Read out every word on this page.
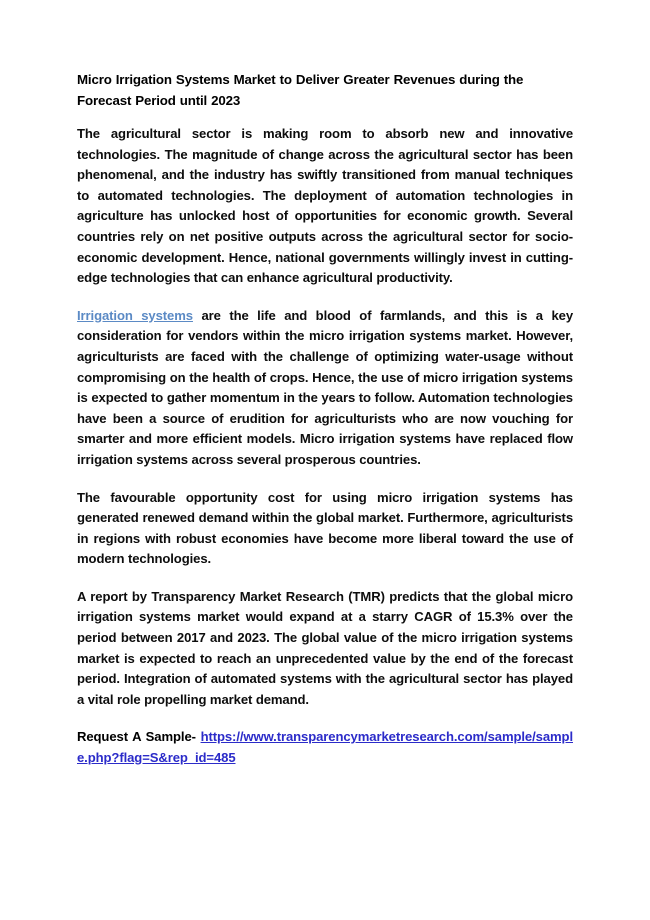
Micro Irrigation Systems Market to Deliver Greater Revenues during the Forecast Period until 2023

The agricultural sector is making room to absorb new and innovative technologies. The magnitude of change across the agricultural sector has been phenomenal, and the industry has swiftly transitioned from manual techniques to automated technologies. The deployment of automation technologies in agriculture has unlocked host of opportunities for economic growth. Several countries rely on net positive outputs across the agricultural sector for socio-economic development. Hence, national governments willingly invest in cutting-edge technologies that can enhance agricultural productivity.

Irrigation systems are the life and blood of farmlands, and this is a key consideration for vendors within the micro irrigation systems market. However, agriculturists are faced with the challenge of optimizing water-usage without compromising on the health of crops. Hence, the use of micro irrigation systems is expected to gather momentum in the years to follow. Automation technologies have been a source of erudition for agriculturists who are now vouching for smarter and more efficient models. Micro irrigation systems have replaced flow irrigation systems across several prosperous countries.

The favourable opportunity cost for using micro irrigation systems has generated renewed demand within the global market. Furthermore, agriculturists in regions with robust economies have become more liberal toward the use of modern technologies.

A report by Transparency Market Research (TMR) predicts that the global micro irrigation systems market would expand at a starry CAGR of 15.3% over the period between 2017 and 2023. The global value of the micro irrigation systems market is expected to reach an unprecedented value by the end of the forecast period. Integration of automated systems with the agricultural sector has played a vital role propelling market demand.

Request A Sample- https://www.transparencymarketresearch.com/sample/sample.php?flag=S&rep_id=485
